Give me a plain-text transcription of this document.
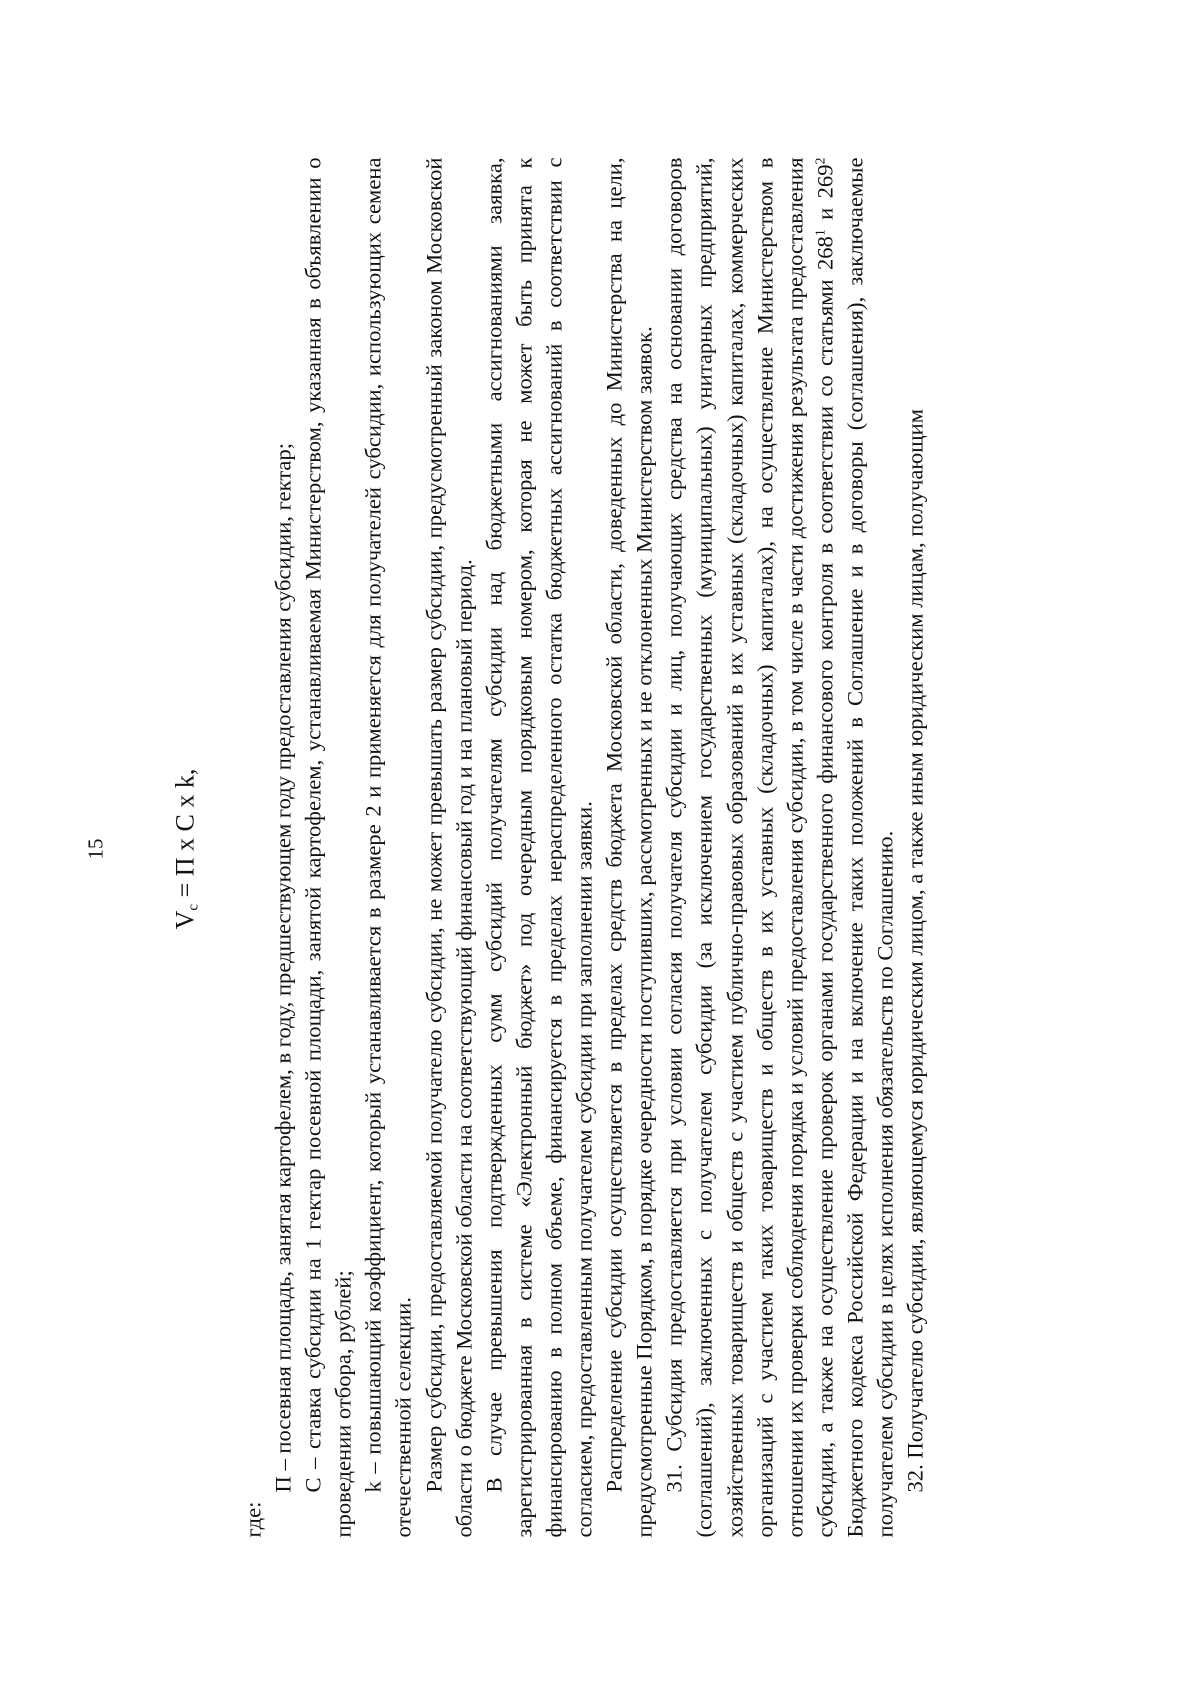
15
$V_c = П$ x С x k,

где:

П – посевная площадь, занятая картофелем, в году, предшествующем году предоставления субсидии, гектар; С – ставка субсидии на 1 гектар посевной площади, занятой картофелем, устанавливаемая Министерством, указанная в объявлении о проведении отбора, рублей; k – повышающий коэффициент, который устанавливается в размере 2 и применяется для получателей субсидии, использующих семена отечественной селекции. Размер субсидии, предоставляемой получателю субсидии, не может превышать размер субсидии, предусмотренный законом Московской области о бюджете Московской области на соответствующий финансовый год и на плановый период. В случае превышения подтвержденных сумм субсидий получателям субсидии над бюджетными ассигнованиями заявка, зарегистрированная в системе «Электронный бюджет» под очередным порядковым номером, которая не может быть принята к финансированию в полном объеме, финансируется в пределах нераспределенного остатка бюджетных ассигнований в соответствии с согласием, предоставленным получателем субсидии при заполнении заявки. Распределение субсидии осуществляется в пределах средств бюджета Московской области, доведенных до Министерства на цели, предусмотренные Порядком, в порядке очередности поступивших, рассмотренных и не отклоненных Министерством заявок. 31. Субсидия предоставляется при условии согласия получателя субсидии и лиц, получающих средства на основании договоров (соглашений), заключенных с получателем субсидии (за исключением государственных (муниципальных) унитарных предприятий, хозяйственных товариществ и обществ с участием публично-правовых образований в их уставных (складочных) капиталах, коммерческих организаций с участием таких товариществ и обществ в их уставных (складочных) капиталах), на осуществление Министерством в отношении их проверки соблюдения порядка и условий предоставления субсидии, в том числе в части достижения результата предоставления субсидии, а также на осуществление проверок органами государственного финансового контроля в соответствии со статьями $268^1$ и $269^2$ Бюджетного кодекса Российской Федерации и на включение таких положений в Соглашение и в договоры (соглашения), заключаемые получателем субсидии в целях исполнения обязательств по Соглашению. 32. Получателю субсидии, являющемуся юридическим лицом, а также иным юридическим лицам, получающим
